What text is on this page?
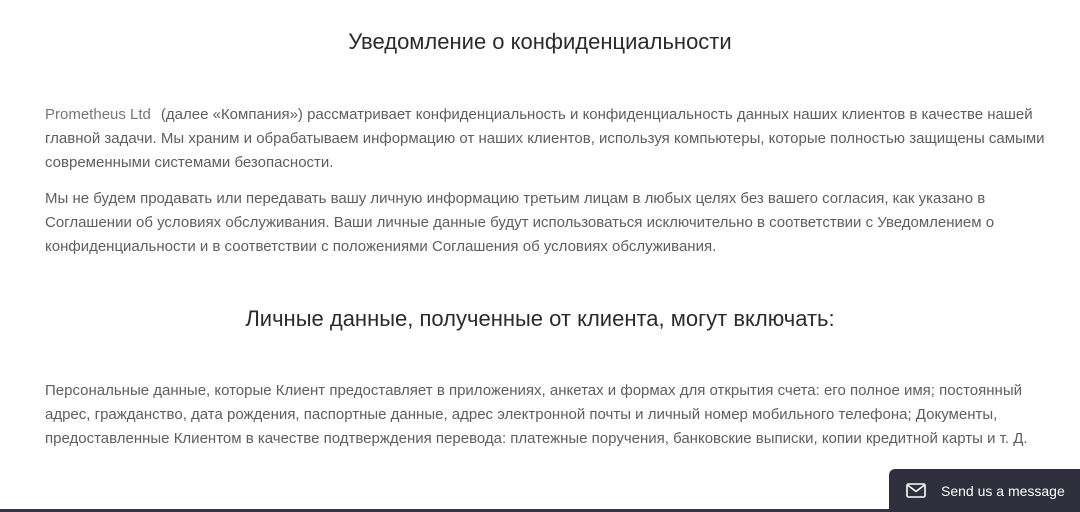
Уведомление о конфиденциальности

Prometheus Ltd (далее «Компания») рассматривает конфиденциальность и конфиденциальность данных наших клиентов в качестве нашей главной задачи. Мы храним и обрабатываем информацию от наших клиентов, используя компьютеры, которые полностью защищены самыми современными системами безопасности.

Мы не будем продавать или передавать вашу личную информацию третьим лицам в любых целях без вашего согласия, как указано в Соглашении об условиях обслуживания. Ваши личные данные будут использоваться исключительно в соответствии с Уведомлением о конфиденциальности и в соответствии с положениями Соглашения об условиях обслуживания.

Личные данные, полученные от клиента, могут включать:

Персональные данные, которые Клиент предоставляет в приложениях, анкетах и формах для открытия счета: его полное имя; постоянный адрес, гражданство, дата рождения, паспортные данные, адрес электронной почты и личный номер мобильного телефона; Документы, предоставленные Клиентом в качестве подтверждения перевода: платежные поручения, банковские выписки, копии кредитной карты и т. Д.

Send us a message
